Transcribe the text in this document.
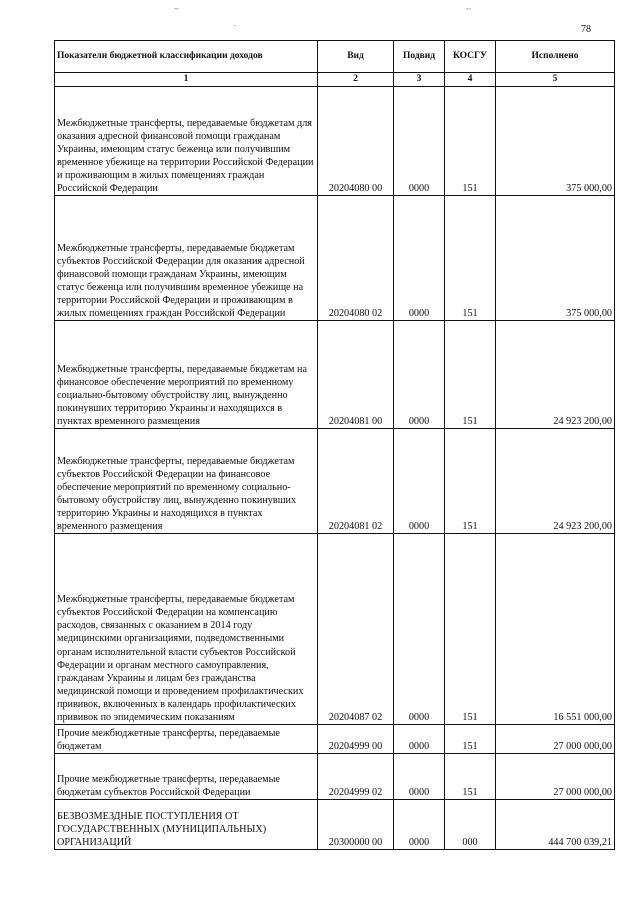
78
~
.
~
Показатели бюджетной классификации доходов	Вид	Подвид	КОСГУ	Исполнено
1	2	3	4	5
Межбюджетные трансферты, передаваемые бюджетам для оказания адресной финансовой помощи гражданам Украины, имеющим статус беженца или получившим временное убежище на территории Российской Федерации и проживающим в жилых помещениях граждан Российской Федерации	20204080 00	0000	151	375 000,00
Межбюджетные трансферты, передаваемые бюджетам субъектов Российской Федерации для оказания адресной финансовой помощи гражданам Украины, имеющим статус беженца или получившим временное убежище на территории Российской Федерации и проживающим в жилых помещениях граждан Российской Федерации	20204080 02	0000	151	375 000,00
Межбюджетные трансферты, передаваемые бюджетам на финансовое обеспечение мероприятий по временному социально-бытовому обустройству лиц, вынужденно покинувших территорию Украины и находящихся в пунктах временного размещения	20204081 00	0000	151	24 923 200,00
Межбюджетные трансферты, передаваемые бюджетам субъектов Российской Федерации на финансовое обеспечение мероприятий по временному социально-бытовому обустройству лиц, вынужденно покинувших территорию Украины и находящихся в пунктах временного размещения	20204081 02	0000	151	24 923 200,00
Межбюджетные трансферты, передаваемые бюджетам субъектов Российской Федерации на компенсацию расходов, связанных с оказанием в 2014 году медицинскими организациями, подведомственными органам исполнительной власти субъектов Российской Федерации и органам местного самоуправления, гражданам Украины и лицам без гражданства медицинской помощи и проведением профилактических прививок, включенных в календарь профилактических прививок по эпидемическим показаниям	20204087 02	0000	151	16 551 000,00
Прочие межбюджетные трансферты, передаваемые бюджетам	20204999 00	0000	151	27 000 000,00
Прочие межбюджетные трансферты, передаваемые бюджетам субъектов Российской Федерации	20204999 02	0000	151	27 000 000,00
БЕЗВОЗМЕЗДНЫЕ ПОСТУПЛЕНИЯ ОТ ГОСУДАРСТВЕННЫХ (МУНИЦИПАЛЬНЫХ) ОРГАНИЗАЦИЙ	20300000 00	0000	000	444 700 039,21
